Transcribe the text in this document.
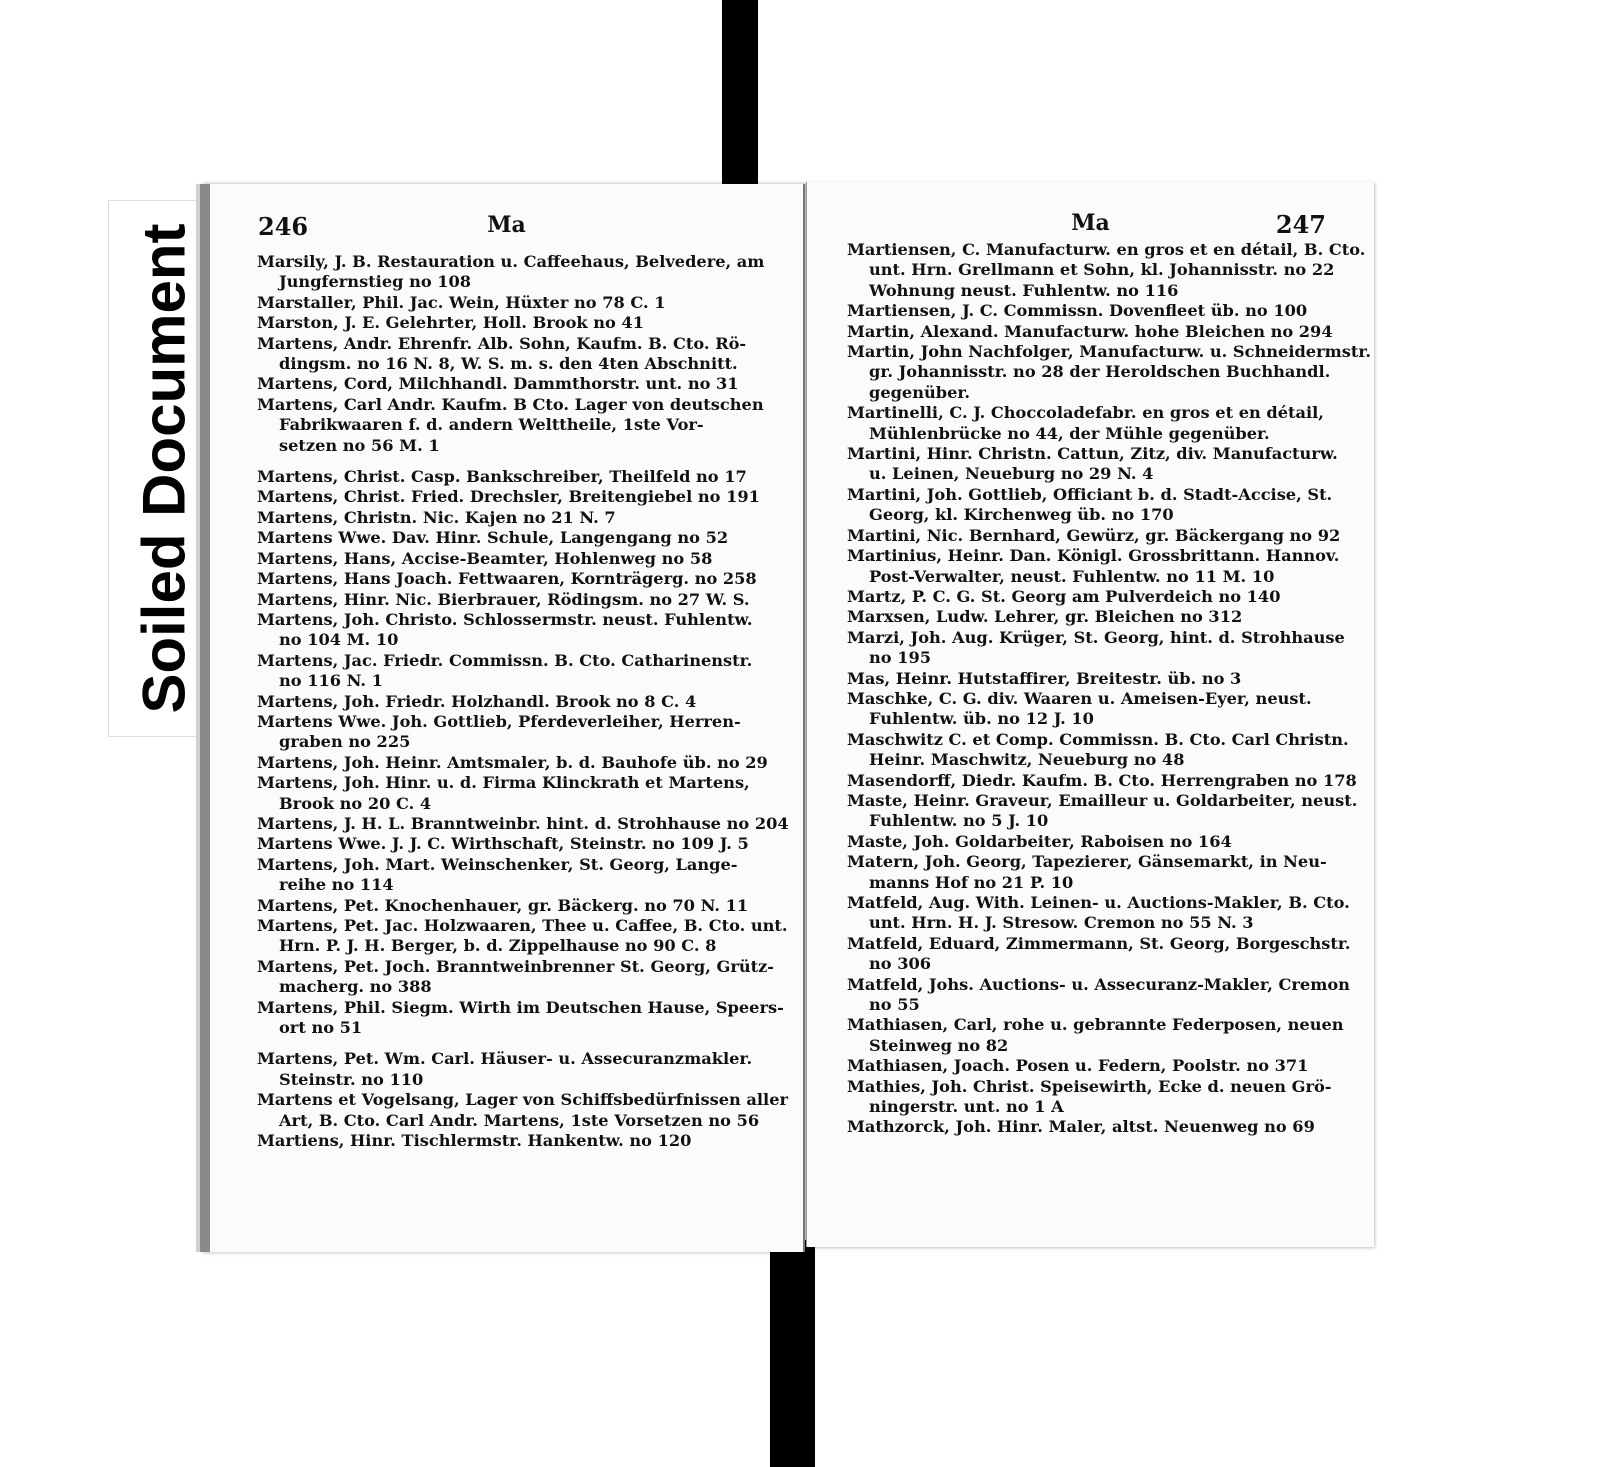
Soiled Document	Ma
246
Marsily, J. B. Restauration u. Caffeehaus, Belvedere, am
Jungfernstieg no 108
Marstaller, Phil. Jac. Wein, Hüxter no 78 C. 1
Marston, J. E. Gelehrter, Holl. Brook no 41
Martens, Andr. Ehrenfr. Alb. Sohn, Kaufm. B. Cto. Rö-
dingsm. no 16 N. 8, W. S. m. s. den 4ten Abschnitt.
Martens, Cord, Milchhandl. Dammthorstr. unt. no 31
Martens, Carl Andr. Kaufm. B Cto. Lager von deutschen
Fabrikwaaren f. d. andern Welttheile, 1ste Vor-
setzen no 56 M. 1
Martens, Christ. Casp. Bankschreiber, Theilfeld no 17
Martens, Christ. Fried. Drechsler, Breitengiebel no 191
Martens, Christn. Nic. Kajen no 21 N. 7
Martens Wwe. Dav. Hinr. Schule, Langengang no 52
Martens, Hans, Accise-Beamter, Hohlenweg no 58
Martens, Hans Joach. Fettwaaren, Kornträgerg. no 258
Martens, Hinr. Nic. Bierbrauer, Rödingsm. no 27 W. S.
Martens, Joh. Christo. Schlossermstr. neust. Fuhlentw.
no 104 M. 10
Martens, Jac. Friedr. Commissn. B. Cto. Catharinenstr.
no 116 N. 1
Martens, Joh. Friedr. Holzhandl. Brook no 8 C. 4
Martens Wwe. Joh. Gottlieb, Pferdeverleiher, Herren-
graben no 225
Martens, Joh. Heinr. Amtsmaler, b. d. Bauhofe üb. no 29
Martens, Joh. Hinr. u. d. Firma Klinckrath et Martens,
Brook no 20 C. 4
Martens, J. H. L. Branntweinbr. hint. d. Strohhause no 204
Martens Wwe. J. J. C. Wirthschaft, Steinstr. no 109 J. 5
Martens, Joh. Mart. Weinschenker, St. Georg, Lange-
reihe no 114
Martens, Pet. Knochenhauer, gr. Bäckerg. no 70 N. 11
Martens, Pet. Jac. Holzwaaren, Thee u. Caffee, B. Cto. unt.
Hrn. P. J. H. Berger, b. d. Zippelhause no 90 C. 8
Martens, Pet. Joch. Branntweinbrenner St. Georg, Grütz-
macherg. no 388
Martens, Phil. Siegm. Wirth im Deutschen Hause, Speers-
ort no 51
Martens, Pet. Wm. Carl. Häuser- u. Assecuranzmakler.
Steinstr. no 110
Martens et Vogelsang, Lager von Schiffsbedürfnissen aller
Art, B. Cto. Carl Andr. Martens, 1ste Vorsetzen no 56
Martiens, Hinr. Tischlermstr. Hankentw. no 120
Ma	247
Martiensen, C. Manufacturw. en gros et en détail, B. Cto.
unt. Hrn. Grellmann et Sohn, kl. Johannisstr. no 22
Wohnung neust. Fuhlentw. no 116
Martiensen, J. C. Commissn. Dovenfleet üb. no 100
Martin, Alexand. Manufacturw. hohe Bleichen no 294
Martin, John Nachfolger, Manufacturw. u. Schneidermstr.
gr. Johannisstr. no 28 der Heroldschen Buchhandl.
gegenüber.
Martinelli, C. J. Choccoladefabr. en gros et en détail,
Mühlenbrücke no 44, der Mühle gegenüber.
Martini, Hinr. Christn. Cattun, Zitz, div. Manufacturw.
u. Leinen, Neueburg no 29 N. 4
Martini, Joh. Gottlieb, Officiant b. d. Stadt-Accise, St.
Georg, kl. Kirchenweg üb. no 170
Martini, Nic. Bernhard, Gewürz, gr. Bäckergang no 92
Martinius, Heinr. Dan. Königl. Grossbrittann. Hannov.
Post-Verwalter, neust. Fuhlentw. no 11 M. 10
Martz, P. C. G. St. Georg am Pulverdeich no 140
Marxsen, Ludw. Lehrer, gr. Bleichen no 312
Marzi, Joh. Aug. Krüger, St. Georg, hint. d. Strohhause
no 195
Mas, Heinr. Hutstaffirer, Breitestr. üb. no 3
Maschke, C. G. div. Waaren u. Ameisen-Eyer, neust.
Fuhlentw. üb. no 12 J. 10
Maschwitz C. et Comp. Commissn. B. Cto. Carl Christn.
Heinr. Maschwitz, Neueburg no 48
Masendorff, Diedr. Kaufm. B. Cto. Herrengraben no 178
Maste, Heinr. Graveur, Emailleur u. Goldarbeiter, neust.
Fuhlentw. no 5 J. 10
Maste, Joh. Goldarbeiter, Raboisen no 164
Matern, Joh. Georg, Tapezierer, Gänsemarkt, in Neu-
manns Hof no 21 P. 10
Matfeld, Aug. With. Leinen- u. Auctions-Makler, B. Cto.
unt. Hrn. H. J. Stresow. Cremon no 55 N. 3
Matfeld, Eduard, Zimmermann, St. Georg, Borgeschstr.
no 306
Matfeld, Johs. Auctions- u. Assecuranz-Makler, Cremon
no 55
Mathiasen, Carl, rohe u. gebrannte Federposen, neuen
Steinweg no 82
Mathiasen, Joach. Posen u. Federn, Poolstr. no 371
Mathies, Joh. Christ. Speisewirth, Ecke d. neuen Grö-
ningerstr. unt. no 1 A
Mathzorck, Joh. Hinr. Maler, altst. Neuenweg no 69
